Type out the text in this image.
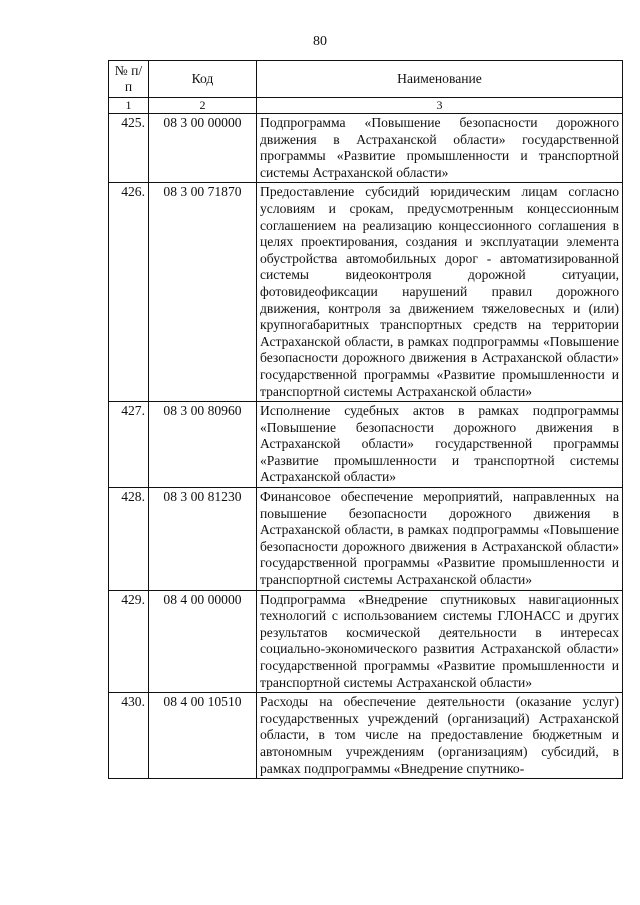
80
№ п/п	Код	Наименование
1	2	3
425.	08 3 00 00000	Подпрограмма «Повышение безопасности дорожного движения в Астраханской области» государственной программы «Развитие промышленности и транспортной системы Астраханской области»
426.	08 3 00 71870	Предоставление субсидий юридическим лицам согласно условиям и срокам, предусмотренным концессионным соглашением на реализацию концессионного соглашения в целях проектирования, создания и эксплуатации элемента обустройства автомобильных дорог - автоматизированной системы видеоконтроля дорожной ситуации, фотовидеофиксации нарушений правил дорожного движения, контроля за движением тяжеловесных и (или) крупногабаритных транспортных средств на территории Астраханской области, в рамках подпрограммы «Повышение безопасности дорожного движения в Астраханской области» государственной программы «Развитие промышленности и транспортной системы Астраханской области»
427.	08 3 00 80960	Исполнение судебных актов в рамках подпрограммы «Повышение безопасности дорожного движения в Астраханской области» государственной программы «Развитие промышленности и транспортной системы Астраханской области»
428.	08 3 00 81230	Финансовое обеспечение мероприятий, направленных на повышение безопасности дорожного движения в Астраханской области, в рамках подпрограммы «Повышение безопасности дорожного движения в Астраханской области» государственной программы «Развитие промышленности и транспортной системы Астраханской области»
429.	08 4 00 00000	Подпрограмма «Внедрение спутниковых навигационных технологий с использованием системы ГЛОНАСС и других результатов космической деятельности в интересах социально-экономического развития Астраханской области» государственной программы «Развитие промышленности и транспортной системы Астраханской области»
430.	08 4 00 10510	Расходы на обеспечение деятельности (оказание услуг) государственных учреждений (организаций) Астраханской области, в том числе на предоставление бюджетным и автономным учреждениям (организациям) субсидий, в рамках подпрограммы «Внедрение спутнико-
